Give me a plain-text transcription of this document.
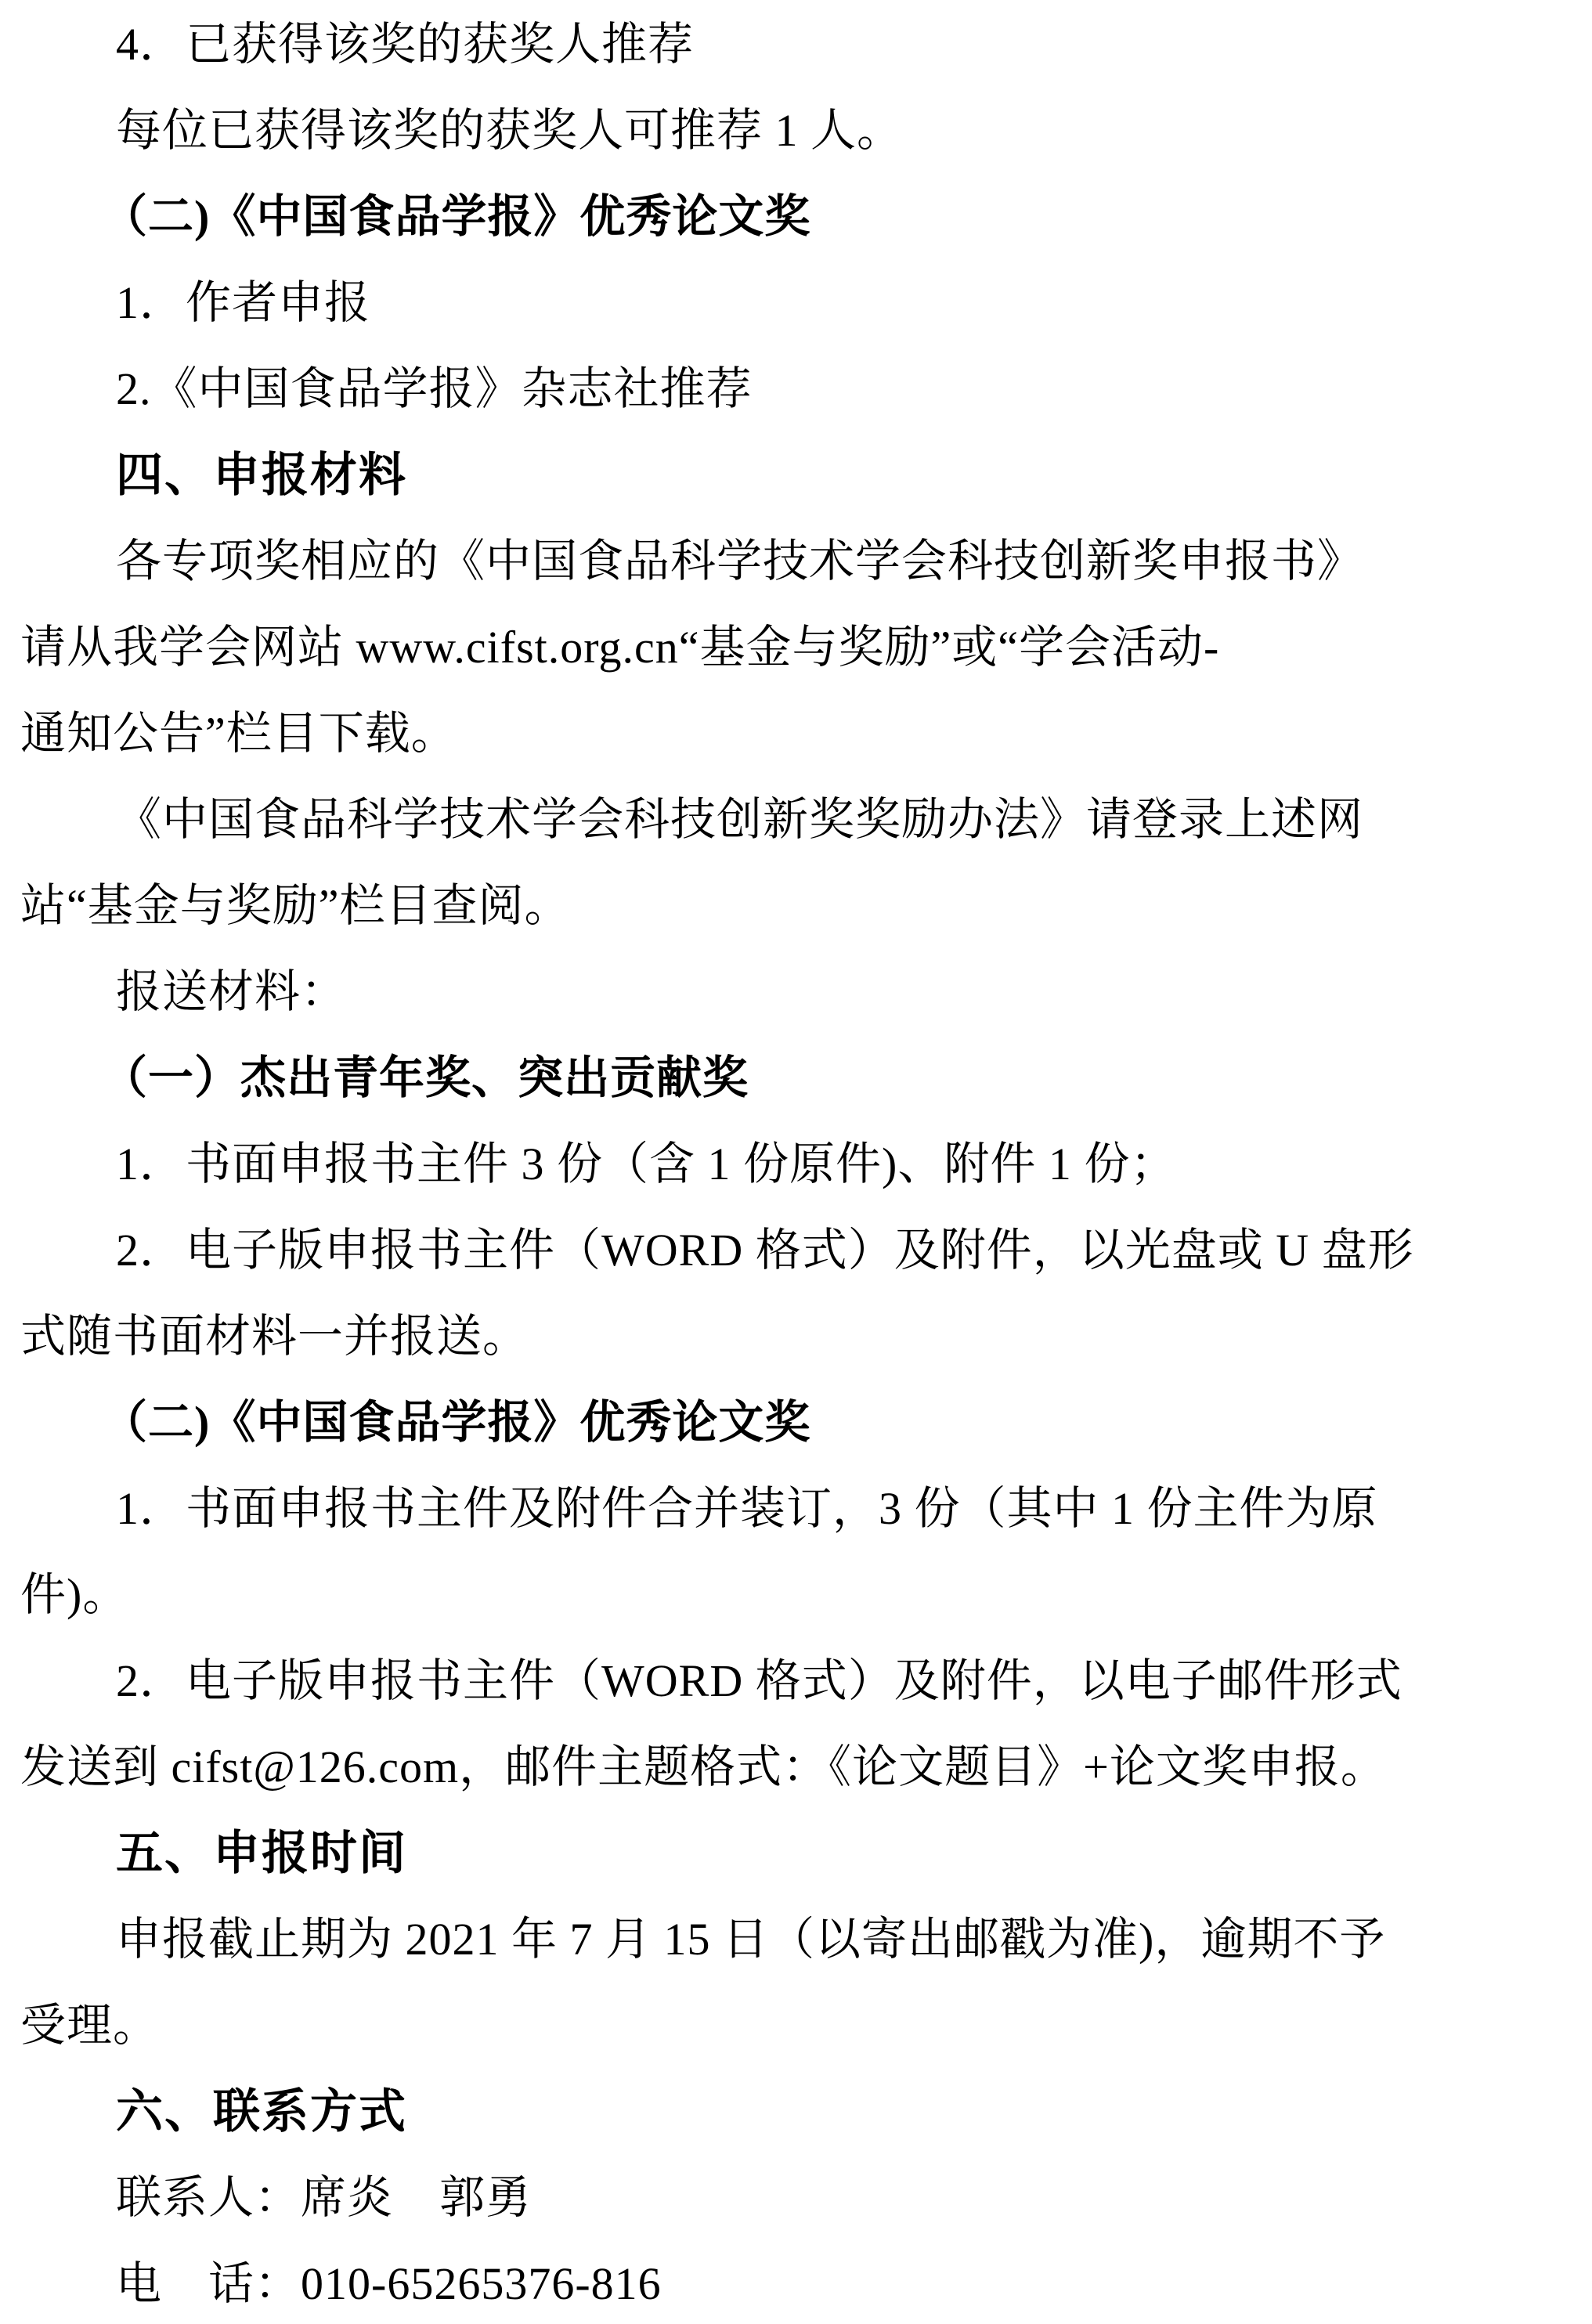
4．已获得该奖的获奖人推荐
每位已获得该奖的获奖人可推荐 1 人。
（二)《中国食品学报》优秀论文奖
1．作者申报
2.《中国食品学报》杂志社推荐
四、申报材料
各专项奖相应的《中国食品科学技术学会科技创新奖申报书》
请从我学会网站 www.cifst.org.cn“基金与奖励”或“学会活动-
通知公告”栏目下载。
《中国食品科学技术学会科技创新奖奖励办法》请登录上述网
站“基金与奖励”栏目查阅。
报送材料：
（一）杰出青年奖、突出贡献奖
1．书面申报书主件 3 份（含 1 份原件)、附件 1 份；
2．电子版申报书主件（WORD 格式）及附件，以光盘或 U 盘形
式随书面材料一并报送。
（二)《中国食品学报》优秀论文奖
1．书面申报书主件及附件合并装订，3 份（其中 1 份主件为原
件)。
2．电子版申报书主件（WORD 格式）及附件，以电子邮件形式
发送到 cifst@126.com，邮件主题格式：《论文题目》+论文奖申报。
五、申报时间
申报截止期为 2021 年 7 月 15 日（以寄出邮戳为准)，逾期不予
受理。
六、联系方式
联系人：席炎　郭勇
电　话：010-65265376-816
